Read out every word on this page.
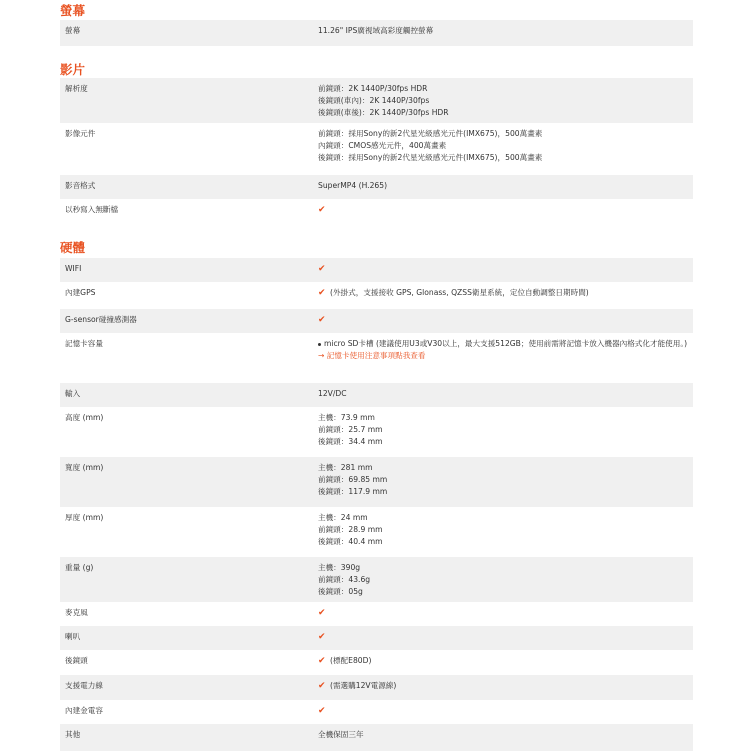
螢幕
螢幕	11.26" IPS廣視域高彩度觸控螢幕
影片
解析度	前鏡頭：2K 1440P/30fps HDR
後鏡頭(車內)：2K 1440P/30fps
後鏡頭(車後)：2K 1440P/30fps HDR
影像元件	前鏡頭：採用Sony的新2代星光級感光元件(IMX675)，500萬畫素
內鏡頭：CMOS感光元件，400萬畫素
後鏡頭：採用Sony的新2代星光級感光元件(IMX675)，500萬畫素
影音格式	SuperMP4 (H.265)
以秒寫入無斷檔	✔
硬體
WIFI	✔
內建GPS	✔ (外掛式，支援接收 GPS, Glonass, QZSS衛星系統，定位自動調整日期時間)
G-sensor碰撞感測器	✔
記憶卡容量	micro SD卡槽 (建議使用U3或V30以上，最大支援512GB；使用前需將記憶卡放入機器內格式化才能使用。)
→ 記憶卡使用注意事項點我查看
輸入	12V/DC
高度 (mm)	主機：73.9 mm
前鏡頭：25.7 mm
後鏡頭：34.4 mm
寬度 (mm)	主機：281 mm
前鏡頭：69.85 mm
後鏡頭：117.9 mm
厚度 (mm)	主機：24 mm
前鏡頭：28.9 mm
後鏡頭：40.4 mm
重量 (g)	主機：390g
前鏡頭：43.6g
後鏡頭：05g
麥克風	✔
喇叭	✔
後鏡頭	✔ (標配E80D)
支援電力線	✔ (需選購12V電源線)
內建金電容	✔
其他	全機保固三年
